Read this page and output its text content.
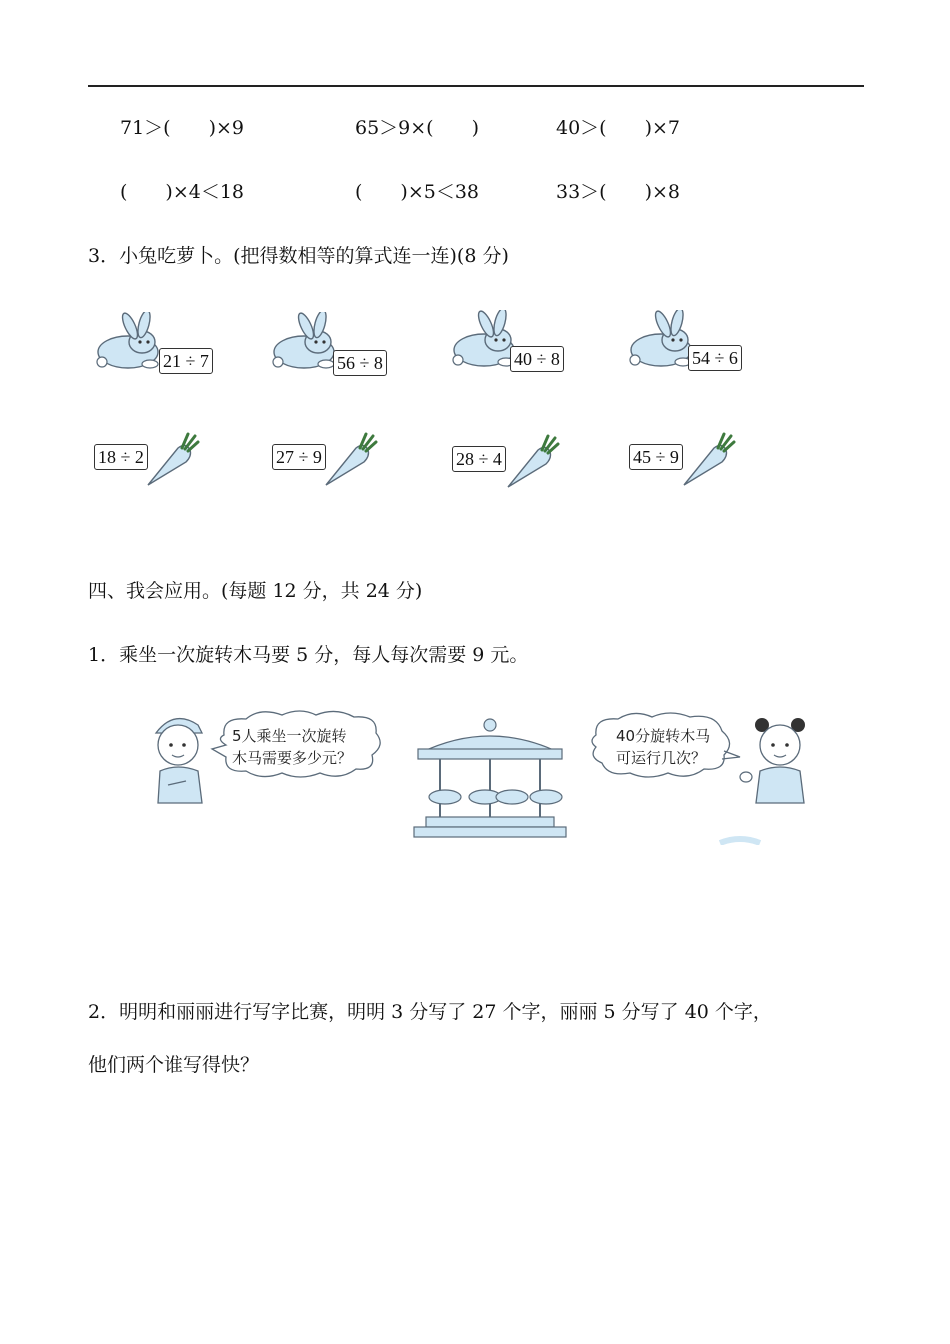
71＞(　　)×9	65＞9×(　　)	40＞(　　)×7
(　　)×4＜18	(　　)×5＜38	33＞(　　)×8
3．小兔吃萝卜。(把得数相等的算式连一连)(8 分)
21 ÷ 7	56 ÷ 8	40 ÷ 8	54 ÷ 6
18 ÷ 2	27 ÷ 9	28 ÷ 4	45 ÷ 9
四、我会应用。(每题 12 分，共 24 分)
1．乘坐一次旋转木马要 5 分，每人每次需要 9 元。
5人乘坐一次旋转
木马需要多少元？
40分旋转木马
可运行几次？
2．明明和丽丽进行写字比赛，明明 3 分写了 27 个字，丽丽 5 分写了 40 个字，
他们两个谁写得快？
